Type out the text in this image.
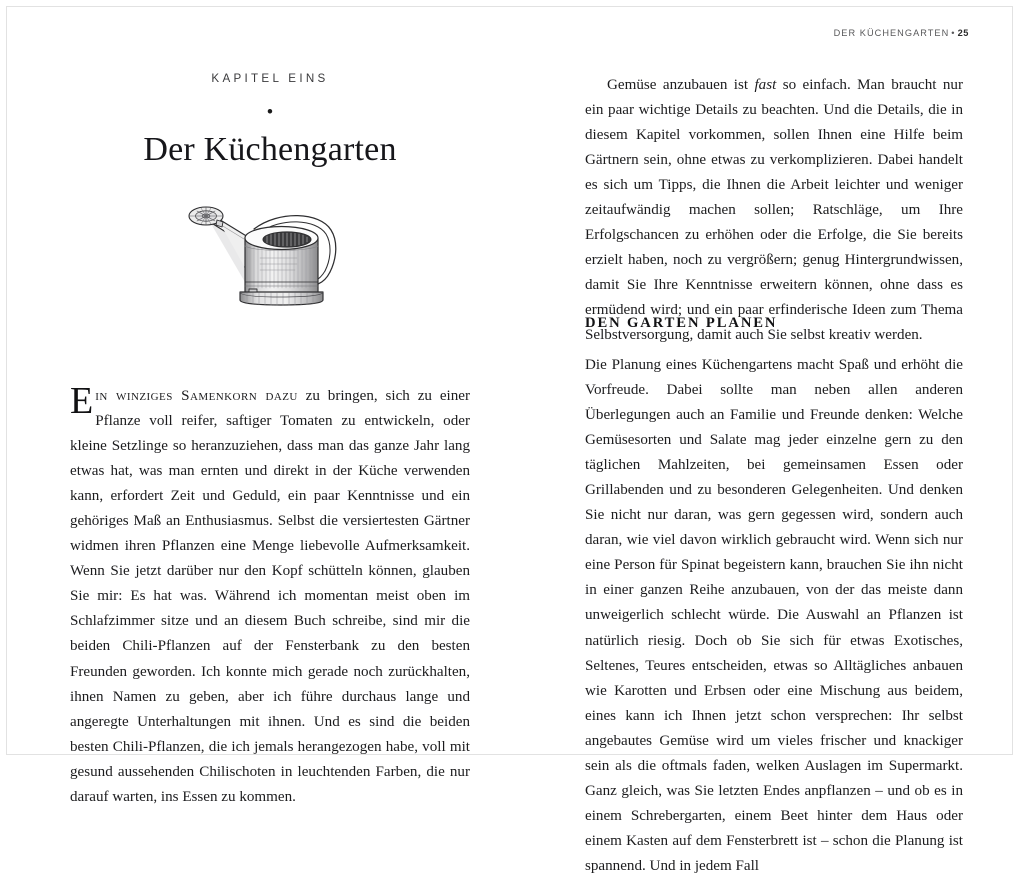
DER KÜCHENGARTEN • 25
KAPITEL EINS
•
Der Küchengarten

Ein winziges Samenkorn dazu zu bringen, sich zu einer Pflanze voll reifer, saftiger Tomaten zu entwickeln, oder kleine Setzlinge so heranzuziehen, dass man das ganze Jahr lang etwas hat, was man ernten und direkt in der Küche verwenden kann, erfordert Zeit und Geduld, ein paar Kenntnisse und ein gehöriges Maß an Enthusiasmus. Selbst die versiertesten Gärtner widmen ihren Pflanzen eine Menge liebevolle Aufmerksamkeit. Wenn Sie jetzt darüber nur den Kopf schütteln können, glauben Sie mir: Es hat was. Während ich momentan meist oben im Schlafzimmer sitze und an diesem Buch schreibe, sind mir die beiden Chili-Pflanzen auf der Fensterbank zu den besten Freunden geworden. Ich konnte mich gerade noch zurückhalten, ihnen Namen zu geben, aber ich führe durchaus lange und angeregte Unterhaltungen mit ihnen. Und es sind die beiden besten Chili-Pflanzen, die ich jemals herangezogen habe, voll mit gesund aussehenden Chilischoten in leuchtenden Farben, die nur darauf warten, ins Essen zu kommen.

Gemüse anzubauen ist fast so einfach. Man braucht nur ein paar wichtige Details zu beachten. Und die Details, die in diesem Kapitel vorkommen, sollen Ihnen eine Hilfe beim Gärtnern sein, ohne etwas zu verkomplizieren. Dabei handelt es sich um Tipps, die Ihnen die Arbeit leichter und weniger zeitaufwändig machen sollen; Ratschläge, um Ihre Erfolgschancen zu erhöhen oder die Erfolge, die Sie bereits erzielt haben, noch zu vergrößern; genug Hintergrundwissen, damit Sie Ihre Kenntnisse erweitern können, ohne dass es ermüdend wird; und ein paar erfinderische Ideen zum Thema Selbstversorgung, damit auch Sie selbst kreativ werden.

DEN GARTEN PLANEN

Die Planung eines Küchengartens macht Spaß und erhöht die Vorfreude. Dabei sollte man neben allen anderen Überlegungen auch an Familie und Freunde denken: Welche Gemüsesorten und Salate mag jeder einzelne gern zu den täglichen Mahlzeiten, bei gemeinsamen Essen oder Grillabenden und zu besonderen Gelegenheiten. Und denken Sie nicht nur daran, was gern gegessen wird, sondern auch daran, wie viel davon wirklich gebraucht wird. Wenn sich nur eine Person für Spinat begeistern kann, brauchen Sie ihn nicht in einer ganzen Reihe anzubauen, von der das meiste dann unweigerlich schlecht würde. Die Auswahl an Pflanzen ist natürlich riesig. Doch ob Sie sich für etwas Exotisches, Seltenes, Teures entscheiden, etwas so Alltägliches anbauen wie Karotten und Erbsen oder eine Mischung aus beidem, eines kann ich Ihnen jetzt schon versprechen: Ihr selbst angebautes Gemüse wird um vieles frischer und knackiger sein als die oftmals faden, welken Auslagen im Supermarkt. Ganz gleich, was Sie letzten Endes anpflanzen – und ob es in einem Schrebergarten, einem Beet hinter dem Haus oder einem Kasten auf dem Fensterbrett ist – schon die Planung ist spannend. Und in jedem Fall
